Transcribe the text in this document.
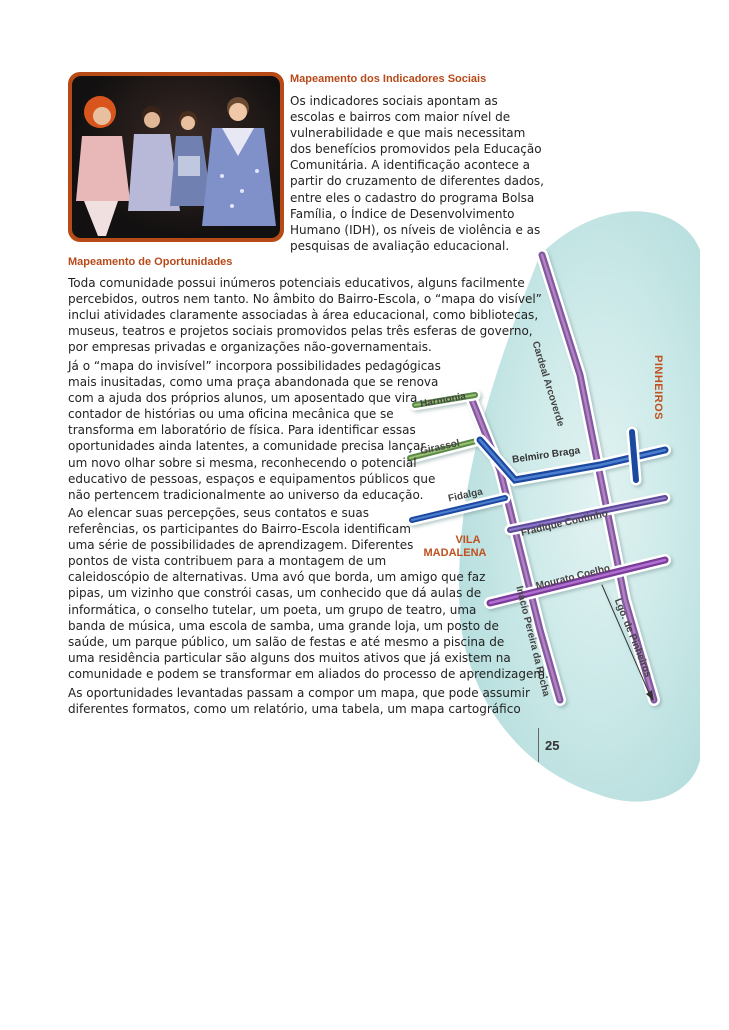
Cardeal Arcoverde
Harmonia
Girassol	Belmiro Braga
Fidalga
Fradique Coutinho
Mourato Coelho
Inácio Pereira da Rocha	Lgo. de Pinheiros
PINHEIROS
VILA
MADALENA
Mapeamento dos Indicadores Sociais
Os indicadores sociais apontam as
escolas e bairros com maior nível de
vulnerabilidade e que mais necessitam
dos benefícios promovidos pela Educação
Comunitária. A identificação acontece a
partir do cruzamento de diferentes dados,
entre eles o cadastro do programa Bolsa
Família, o Índice de Desenvolvimento
Humano (IDH), os níveis de violência e as
pesquisas de avaliação educacional.
Mapeamento de Oportunidades
Toda comunidade possui inúmeros potenciais educativos, alguns facilmente
percebidos, outros nem tanto. No âmbito do Bairro-Escola, o “mapa do visível”
inclui atividades claramente associadas à área educacional, como bibliotecas,
museus, teatros e projetos sociais promovidos pelas três esferas de governo,
por empresas privadas e organizações não-governamentais.
Já o “mapa do invisível” incorpora possibilidades pedagógicas
mais inusitadas, como uma praça abandonada que se renova
com a ajuda dos próprios alunos, um aposentado que vira
contador de histórias ou uma oficina mecânica que se
transforma em laboratório de física. Para identificar essas
oportunidades ainda latentes, a comunidade precisa lançar
um novo olhar sobre si mesma, reconhecendo o potencial
educativo de pessoas, espaços e equipamentos públicos que
não pertencem tradicionalmente ao universo da educação.
Ao elencar suas percepções, seus contatos e suas
referências, os participantes do Bairro-Escola identificam
uma série de possibilidades de aprendizagem. Diferentes
pontos de vista contribuem para a montagem de um
caleidoscópio de alternativas. Uma avó que borda, um amigo que faz
pipas, um vizinho que constrói casas, um conhecido que dá aulas de
informática, o conselho tutelar, um poeta, um grupo de teatro, uma
banda de música, uma escola de samba, uma grande loja, um posto de
saúde, um parque público, um salão de festas e até mesmo a piscina de
uma residência particular são alguns dos muitos ativos que já existem na
comunidade e podem se transformar em aliados do processo de aprendizagem.
As oportunidades levantadas passam a compor um mapa, que pode assumir
diferentes formatos, como um relatório, uma tabela, um mapa cartográfico
25
